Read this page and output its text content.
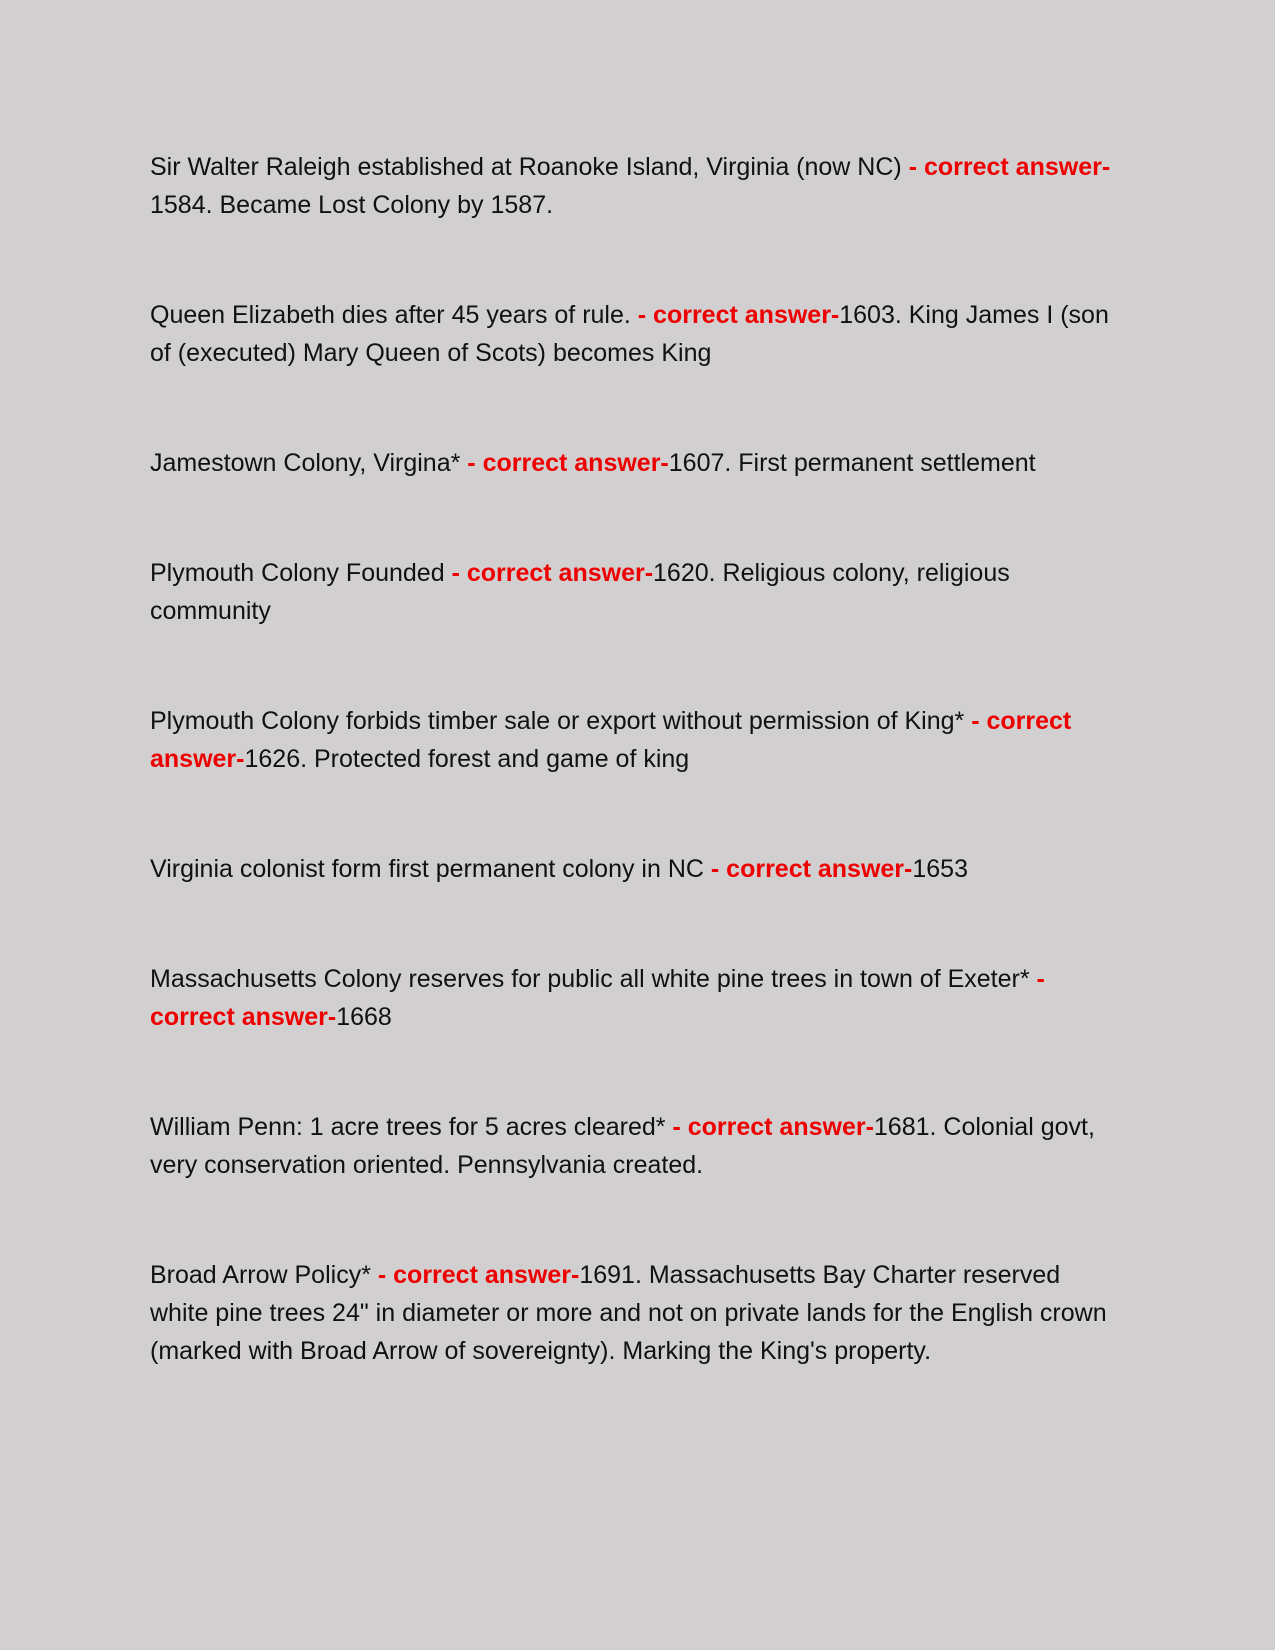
Sir Walter Raleigh established at Roanoke Island, Virginia (now NC) - correct answer-1584. Became Lost Colony by 1587.

Queen Elizabeth dies after 45 years of rule. - correct answer-1603. King James I (son of (executed) Mary Queen of Scots) becomes King

Jamestown Colony, Virgina* - correct answer-1607. First permanent settlement

Plymouth Colony Founded - correct answer-1620. Religious colony, religious community

Plymouth Colony forbids timber sale or export without permission of King* - correct answer-1626. Protected forest and game of king

Virginia colonist form first permanent colony in NC - correct answer-1653

Massachusetts Colony reserves for public all white pine trees in town of Exeter* - correct answer-1668

William Penn: 1 acre trees for 5 acres cleared* - correct answer-1681. Colonial govt, very conservation oriented. Pennsylvania created.

Broad Arrow Policy* - correct answer-1691. Massachusetts Bay Charter reserved white pine trees 24" in diameter or more and not on private lands for the English crown (marked with Broad Arrow of sovereignty). Marking the King's property.
